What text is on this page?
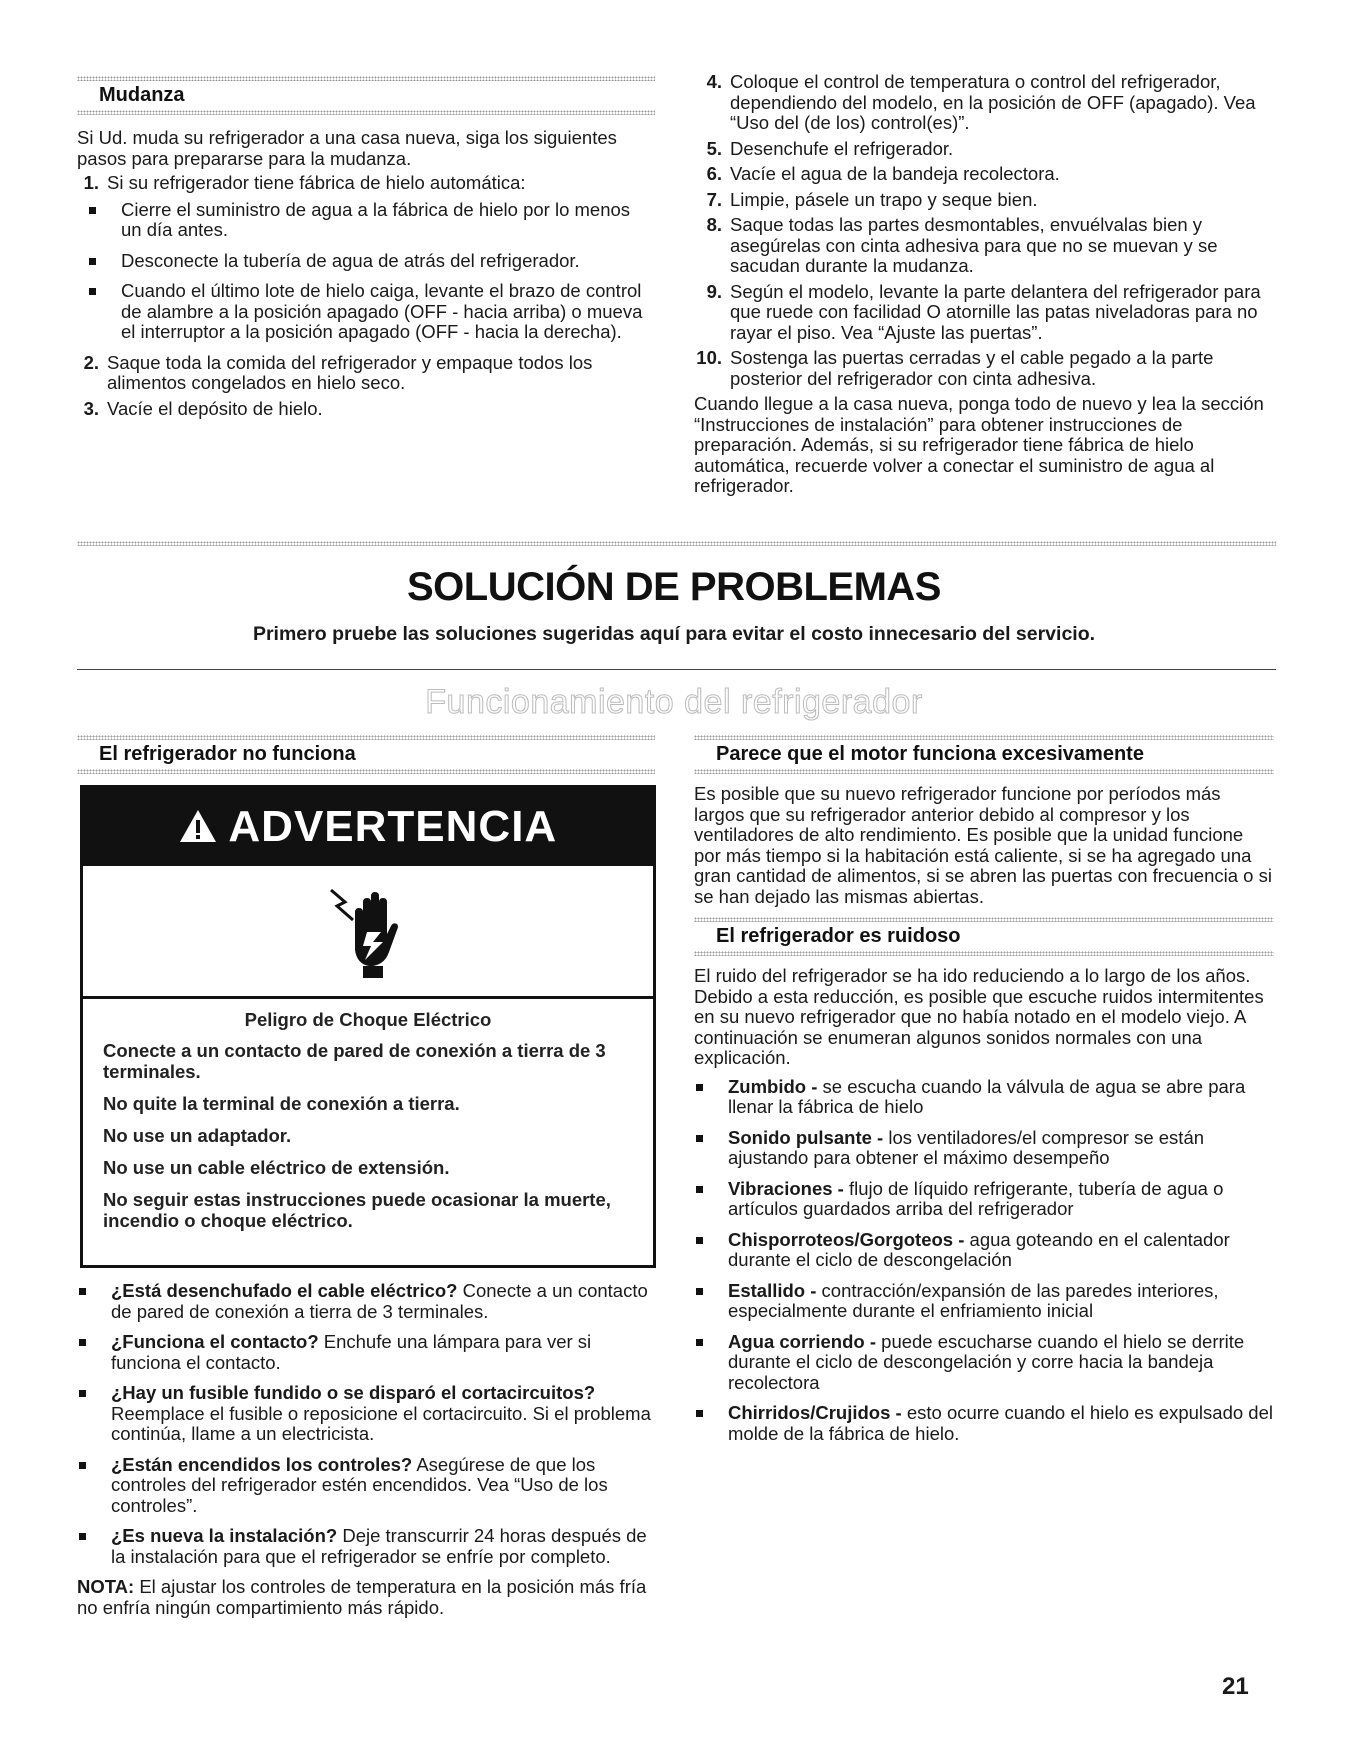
Mudanza

Si Ud. muda su refrigerador a una casa nueva, siga los siguientes pasos para prepararse para la mudanza.

1. Si su refrigerador tiene fábrica de hielo automática:
Cierre el suministro de agua a la fábrica de hielo por lo menos un día antes.
Desconecte la tubería de agua de atrás del refrigerador.
Cuando el último lote de hielo caiga, levante el brazo de control de alambre a la posición apagado (OFF - hacia arriba) o mueva el interruptor a la posición apagado (OFF - hacia la derecha).
2. Saque toda la comida del refrigerador y empaque todos los alimentos congelados en hielo seco.
3. Vacíe el depósito de hielo.
4. Coloque el control de temperatura o control del refrigerador, dependiendo del modelo, en la posición de OFF (apagado). Vea “Uso del (de los) control(es)”.
5. Desenchufe el refrigerador.
6. Vacíe el agua de la bandeja recolectora.
7. Limpie, pásele un trapo y seque bien.
8. Saque todas las partes desmontables, envuélvalas bien y asegúrelas con cinta adhesiva para que no se muevan y se sacudan durante la mudanza.
9. Según el modelo, levante la parte delantera del refrigerador para que ruede con facilidad O atornille las patas niveladoras para no rayar el piso. Vea “Ajuste las puertas”.
10. Sostenga las puertas cerradas y el cable pegado a la parte posterior del refrigerador con cinta adhesiva.

Cuando llegue a la casa nueva, ponga todo de nuevo y lea la sección “Instrucciones de instalación” para obtener instrucciones de preparación. Además, si su refrigerador tiene fábrica de hielo automática, recuerde volver a conectar el suministro de agua al refrigerador.

SOLUCIÓN DE PROBLEMAS
Primero pruebe las soluciones sugeridas aquí para evitar el costo innecesario del servicio.
Funcionamiento del refrigerador
El refrigerador no funciona
ADVERTENCIA

Peligro de Choque Eléctrico

Conecte a un contacto de pared de conexión a tierra de 3 terminales.

No quite la terminal de conexión a tierra.

No use un adaptador.

No use un cable eléctrico de extensión.

No seguir estas instrucciones puede ocasionar la muerte, incendio o choque eléctrico.

¿Está desenchufado el cable eléctrico? Conecte a un contacto de pared de conexión a tierra de 3 terminales.
¿Funciona el contacto? Enchufe una lámpara para ver si funciona el contacto.
¿Hay un fusible fundido o se disparó el cortacircuitos? Reemplace el fusible o reposicione el cortacircuito. Si el problema continúa, llame a un electricista.
¿Están encendidos los controles? Asegúrese de que los controles del refrigerador estén encendidos. Vea “Uso de los controles”.
¿Es nueva la instalación? Deje transcurrir 24 horas después de la instalación para que el refrigerador se enfríe por completo.

NOTA: El ajustar los controles de temperatura en la posición más fría no enfría ningún compartimiento más rápido.

Parece que el motor funciona excesivamente

Es posible que su nuevo refrigerador funcione por períodos más largos que su refrigerador anterior debido al compresor y los ventiladores de alto rendimiento. Es posible que la unidad funcione por más tiempo si la habitación está caliente, si se ha agregado una gran cantidad de alimentos, si se abren las puertas con frecuencia o si se han dejado las mismas abiertas.

El refrigerador es ruidoso

El ruido del refrigerador se ha ido reduciendo a lo largo de los años. Debido a esta reducción, es posible que escuche ruidos intermitentes en su nuevo refrigerador que no había notado en el modelo viejo. A continuación se enumeran algunos sonidos normales con una explicación.

Zumbido - se escucha cuando la válvula de agua se abre para llenar la fábrica de hielo
Sonido pulsante - los ventiladores/el compresor se están ajustando para obtener el máximo desempeño
Vibraciones - flujo de líquido refrigerante, tubería de agua o artículos guardados arriba del refrigerador
Chisporroteos/Gorgoteos - agua goteando en el calentador durante el ciclo de descongelación
Estallido - contracción/expansión de las paredes interiores, especialmente durante el enfriamiento inicial
Agua corriendo - puede escucharse cuando el hielo se derrite durante el ciclo de descongelación y corre hacia la bandeja recolectora
Chirridos/Crujidos - esto ocurre cuando el hielo es expulsado del molde de la fábrica de hielo.
21
